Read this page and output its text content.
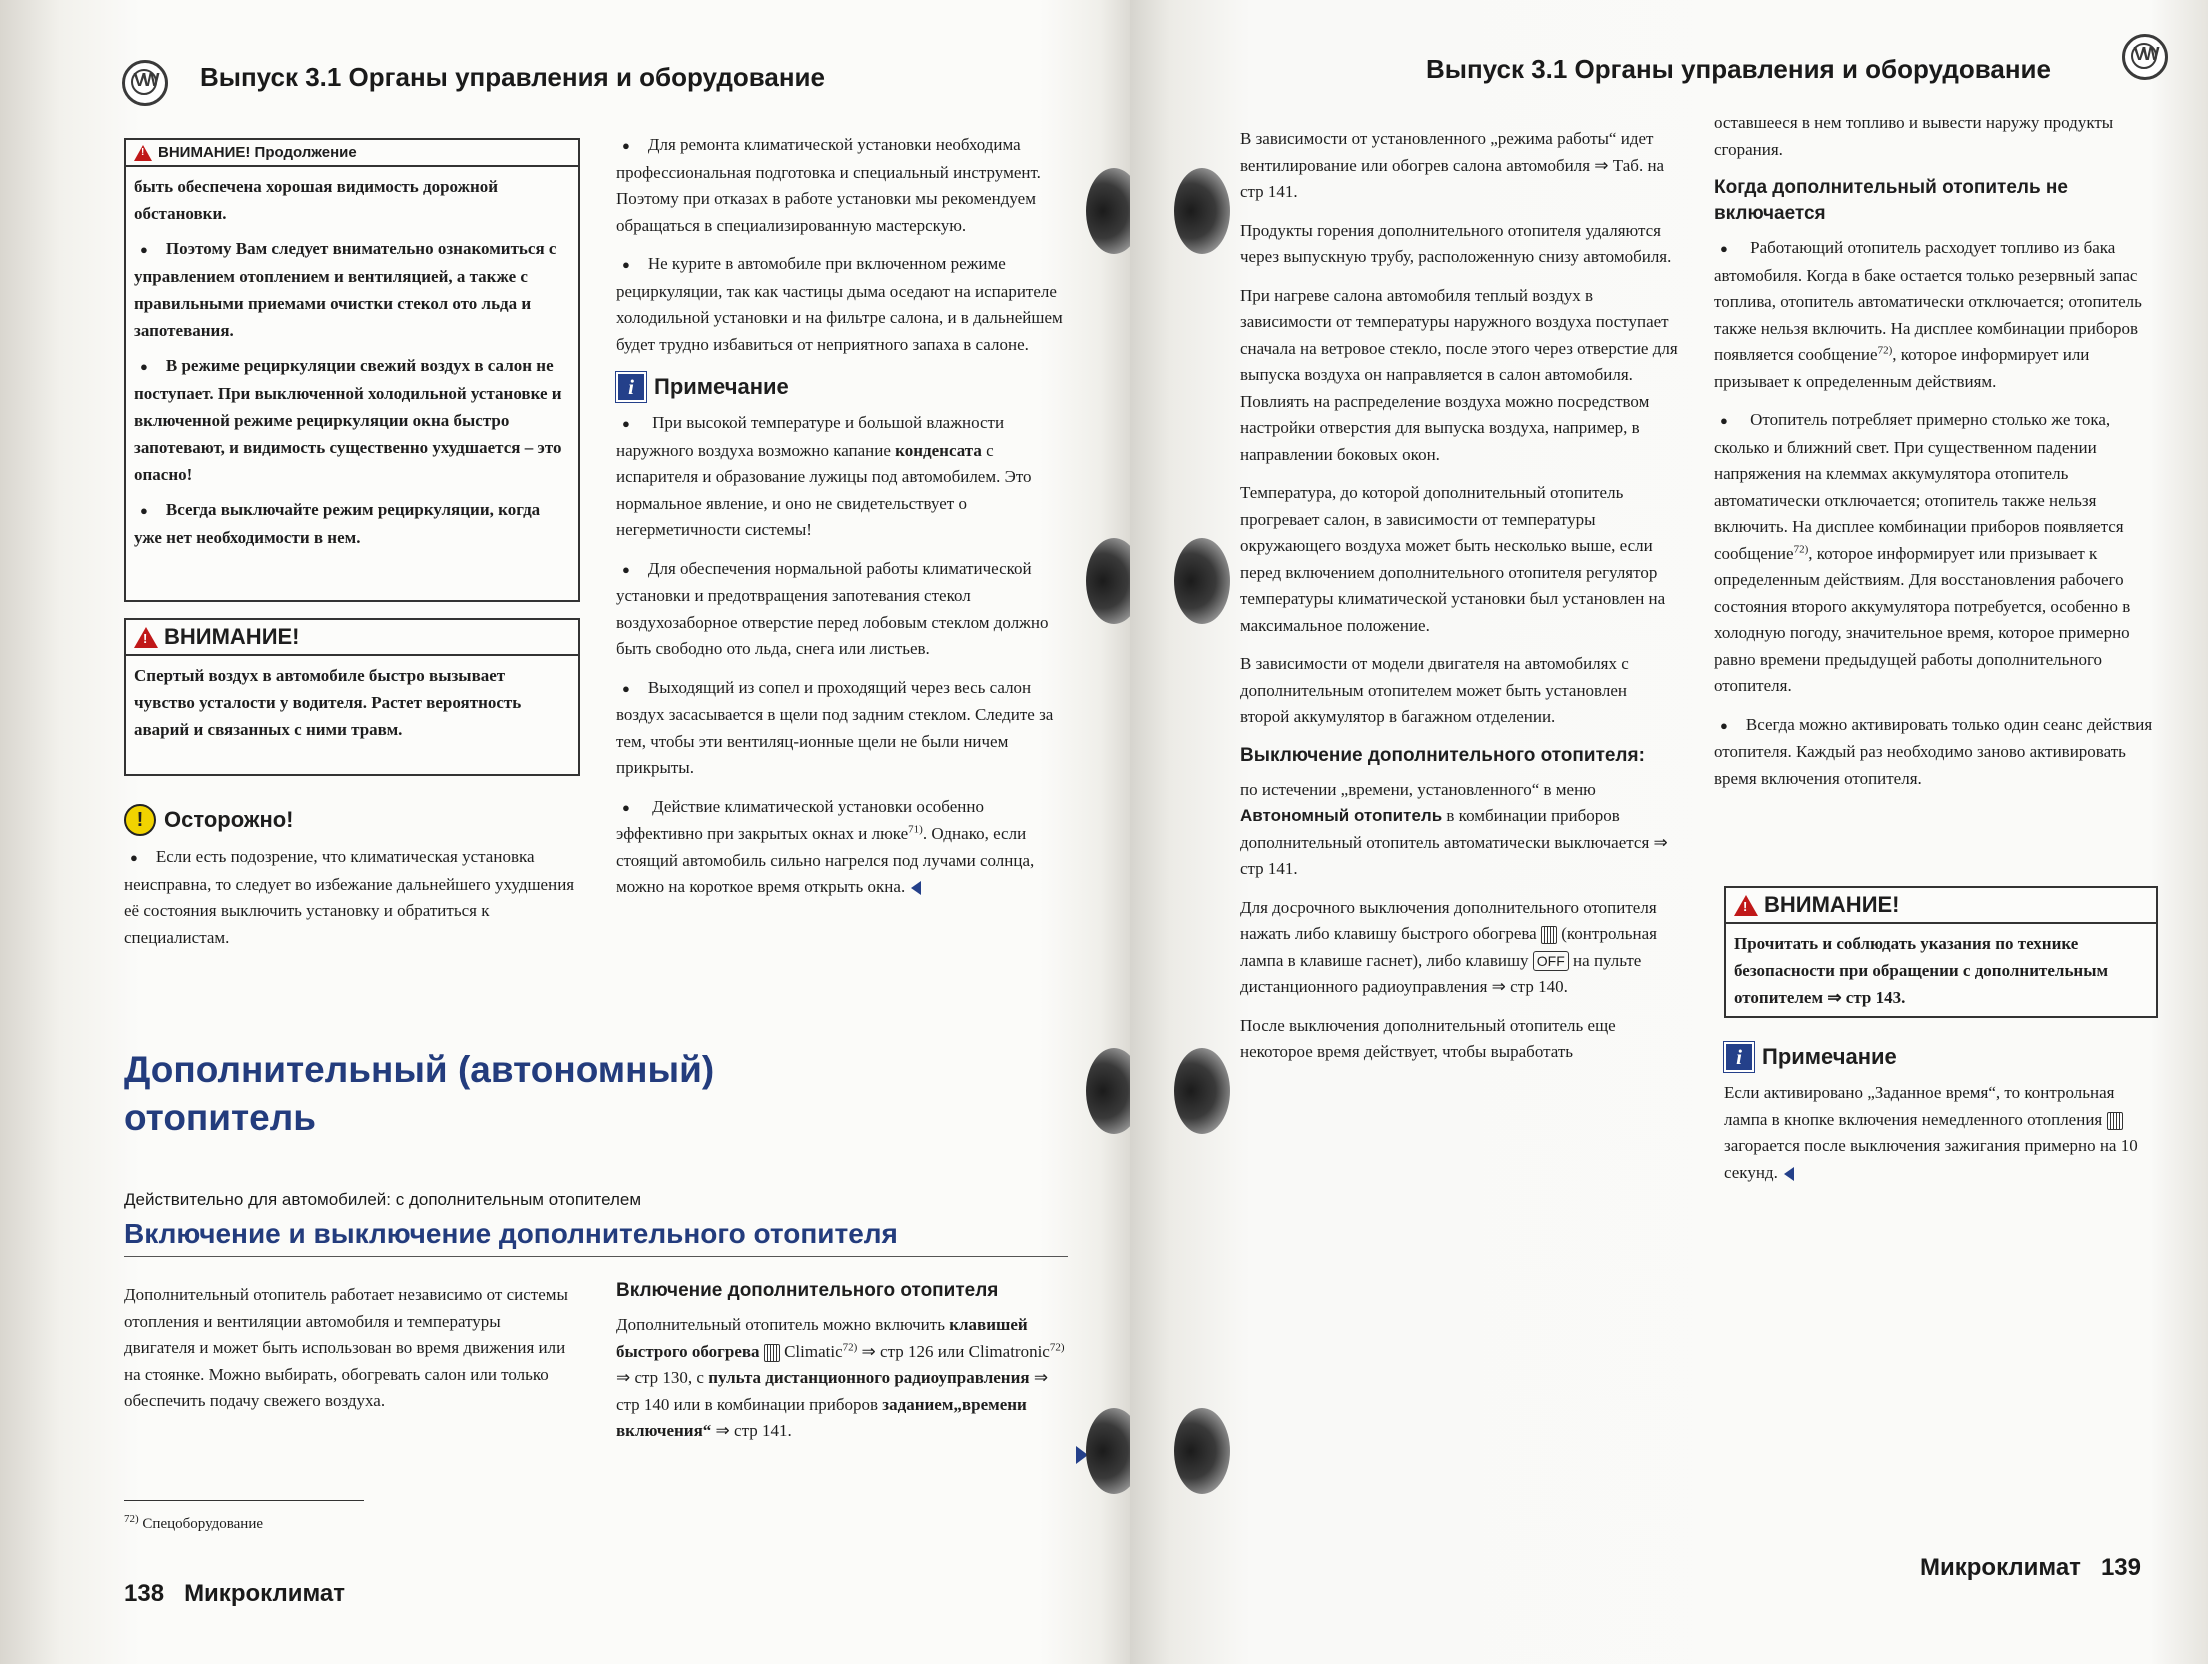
VW	Выпуск 3.1 Органы управления и оборудование
!
ВНИМАНИЕ! Продолжение
быть обеспечена хорошая видимость дорожной обстановки.
● Поэтому Вам следует внимательно ознакомиться с управлением отоплением и вентиляцией, а также с правильными приемами очистки стекол ото льда и запотевания.
● В режиме рециркуляции свежий воздух в салон не поступает. При выключенной холодильной установке и включенной режиме рециркуляции окна быстро запотевают, и видимость существенно ухудшается – это опасно!
● Всегда выключайте режим рециркуляции, когда уже нет необходимости в нем.
!
ВНИМАНИЕ!
Спертый воздух в автомобиле быстро вызывает чувство усталости у водителя. Растет вероятность аварий и связанных с ними травм.
! Осторожно!
● Если есть подозрение, что климатическая установка неисправна, то следует во избежание дальнейшего ухудшения её состояния выключить установку и обратиться к специалистам.

● Для ремонта климатической установки необходима профессиональная подготовка и специальный инструмент. Поэтому при отказах в работе установки мы рекомендуем обращаться в специализированную мастерскую.

● Не курите в автомобиле при включенном режиме рециркуляции, так как частицы дыма оседают на испарителе холодильной установки и на фильтре салона, и в дальнейшем будет трудно избавиться от неприятного запаха в салоне.

i Примечание

● При высокой температуре и большой влажности наружного воздуха возможно капание конденсата с испарителя и образование лужицы под автомобилем. Это нормальное явление, и оно не свидетельствует о негерметичности системы!

● Для обеспечения нормальной работы климатической установки и предотвращения запотевания стекол воздухозаборное отверстие перед лобовым стеклом должно быть свободно ото льда, снега или листьев.

● Выходящий из сопел и проходящий через весь салон воздух засасывается в щели под задним стеклом. Следите за тем, чтобы эти вентиляц-ионные щели не были ничем прикрыты.

● Действие климатической установки особенно эффективно при закрытых окнах и люке$^{71)}$. Однако, если стоящий автомобиль сильно нагрелся под лучами солнца, можно на короткое время открыть окна.

Дополнительный (автономный)
отопитель
Действительно для автомобилей: с дополнительным отопителем
Включение и выключение дополнительного отопителя
Дополнительный отопитель работает независимо от системы отопления и вентиляции автомобиля и температуры двигателя и может быть использован во время движения или на стоянке. Можно выбирать, обогревать салон или только обеспечить подачу свежего воздуха.
Включение дополнительного отопителя
Дополнительный отопитель можно включить клавишей быстрого обогрева Climatic$^{72)}$ ⇒ стр 126 или Climatronic$^{72)}$ ⇒ стр 130, с пульта дистанционного радиоуправления ⇒ стр 140 или в комбинации приборов заданием„времени включения“ ⇒ стр 141.
$^{72)}$ Спецоборудование
138 Микроклимат
Выпуск 3.1 Органы управления и оборудование	VW

В зависимости от установленного „режима работы“ идет вентилирование или обогрев салона автомобиля ⇒ Таб. на стр 141.

Продукты горения дополнительного отопителя удаляются через выпускную трубу, расположенную снизу автомобиля.

При нагреве салона автомобиля теплый воздух в зависимости от температуры наружного воздуха поступает сначала на ветровое стекло, после этого через отверстие для выпуска воздуха он направляется в салон автомобиля. Повлиять на распределение воздуха можно посредством настройки отверстия для выпуска воздуха, например, в направлении боковых окон.

Температура, до которой дополнительный отопитель прогревает салон, в зависимости от температуры окружающего воздуха может быть несколько выше, если перед включением дополнительного отопителя регулятор температуры климатической установки был установлен на максимальное положение.

В зависимости от модели двигателя на автомобилях с дополнительным отопителем может быть установлен второй аккумулятор в багажном отделении.

Выключение дополнительного отопителя:

по истечении „времени, установленного“ в меню Автономный отопитель в комбинации приборов дополнительный отопитель автоматически выключается ⇒ стр 141.

Для досрочного выключения дополнительного отопителя нажать либо клавишу быстрого обогрева (контрольная лампа в клавише гаснет), либо клавишу OFF на пульте дистанционного радиоуправления ⇒ стр 140.

После выключения дополнительный отопитель еще некоторое время действует, чтобы выработать

оставшееся в нем топливо и вывести наружу продукты сгорания.

Когда дополнительный отопитель не включается

● Работающий отопитель расходует топливо из бака автомобиля. Когда в баке остается только резервный запас топлива, отопитель автоматически отключается; отопитель также нельзя включить. На дисплее комбинации приборов появляется сообщение$^{72)}$, которое информирует или призывает к определенным действиям.

● Отопитель потребляет примерно столько же тока, сколько и ближний свет. При существенном падении напряжения на клеммах аккумулятора отопитель автоматически отключается; отопитель также нельзя включить. На дисплее комбинации приборов появляется сообщение$^{72)}$, которое информирует или призывает к определенным действиям. Для восстановления рабочего состояния второго аккумулятора потребуется, особенно в холодную погоду, значительное время, которое примерно равно времени предыдущей работы дополнительного отопителя.

● Всегда можно активировать только один сеанс действия отопителя. Каждый раз необходимо заново активировать время включения отопителя.

!
ВНИМАНИЕ!
Прочитать и соблюдать указания по технике безопасности при обращении с дополнительным отопителем ⇒ стр 143.
i Примечание
Если активировано „Заданное время“, то контрольная лампа в кнопке включения немедленного отопления  загорается после выключения зажигания примерно на 10 секунд.
Микроклимат 139
